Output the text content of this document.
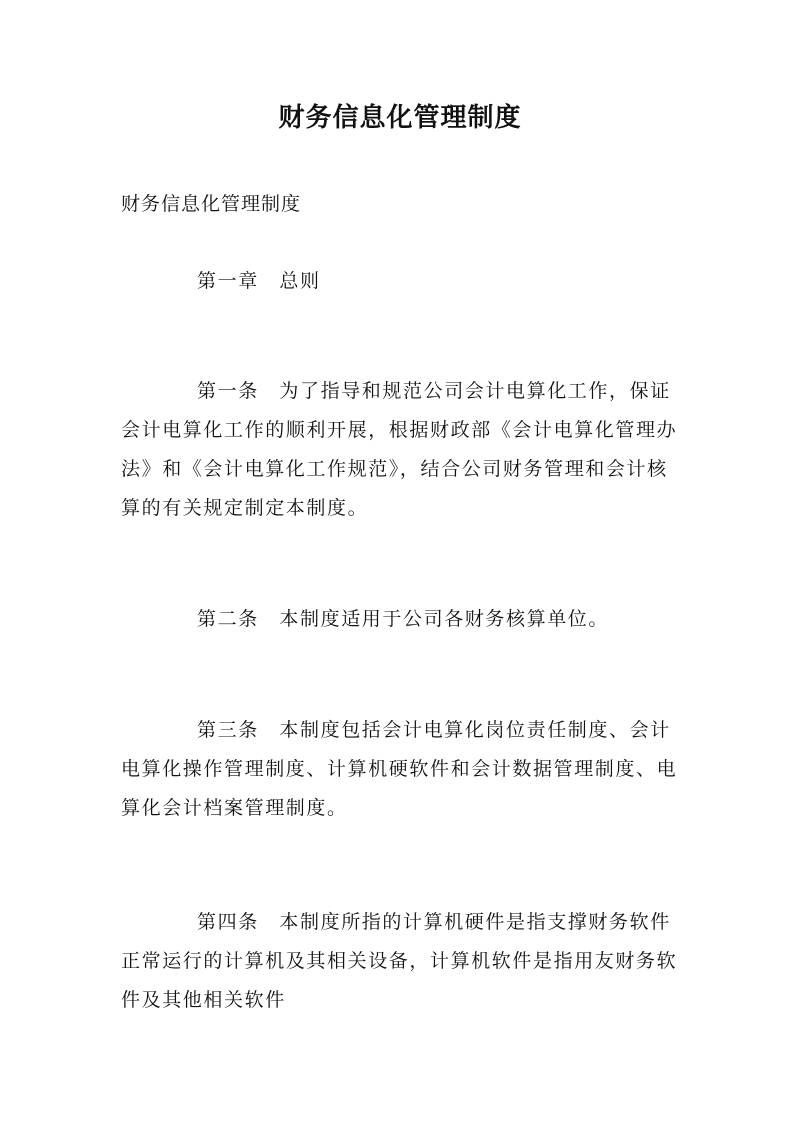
财务信息化管理制度
财务信息化管理制度

第一章　总则

第一条　为了指导和规范公司会计电算化工作，保证会计电算化工作的顺利开展，根据财政部《会计电算化管理办法》和《会计电算化工作规范》，结合公司财务管理和会计核算的有关规定制定本制度。

第二条　本制度适用于公司各财务核算单位。

第三条　本制度包括会计电算化岗位责任制度、会计电算化操作管理制度、计算机硬软件和会计数据管理制度、电算化会计档案管理制度。

第四条　本制度所指的计算机硬件是指支撑财务软件正常运行的计算机及其相关设备，计算机软件是指用友财务软件及其他相关软件
